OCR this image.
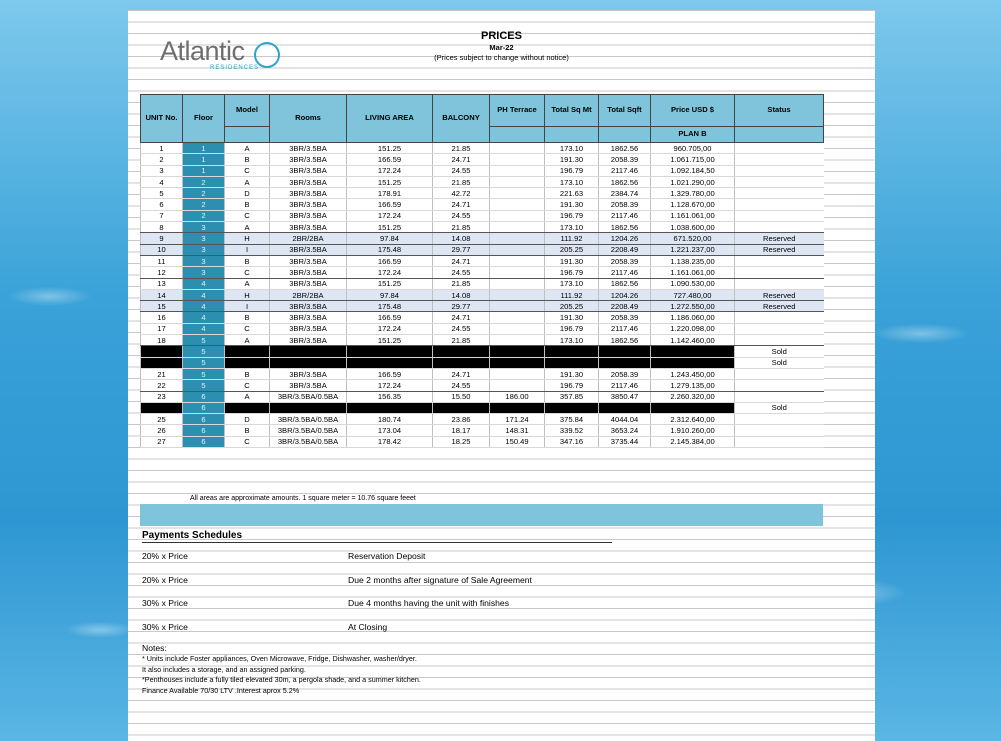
Atlantic
RESIDENCES
PRICES
Mar-22
(Prices subject to change without notice)
UNIT No.	Floor	Model	Rooms	LIVING AREA	BALCONY	PH Terrace	Total Sq Mt	Total Sqft	Price USD $	Status
									PLAN B	
1	1	A	3BR/3.5BA	151.25	21.85		173.10	1862.56	960.705,00	
2	1	B	3BR/3.5BA	166.59	24.71		191.30	2058.39	1.061.715,00	
3	1	C	3BR/3.5BA	172.24	24.55		196.79	2117.46	1.092.184,50	
4	2	A	3BR/3.5BA	151.25	21.85		173.10	1862.56	1.021.290,00	
5	2	D	3BR/3.5BA	178.91	42.72		221.63	2384.74	1.329.780,00	
6	2	B	3BR/3.5BA	166.59	24.71		191.30	2058.39	1.128.670,00	
7	2	C	3BR/3.5BA	172.24	24.55		196.79	2117.46	1.161.061,00	
8	3	A	3BR/3.5BA	151.25	21.85		173.10	1862.56	1.038.600,00	
9	3	H	2BR/2BA	97.84	14.08		111.92	1204.26	671.520,00	Reserved
10	3	I	3BR/3.5BA	175.48	29.77		205.25	2208.49	1.221.237,00	Reserved
11	3	B	3BR/3.5BA	166.59	24.71		191.30	2058.39	1.138.235,00	
12	3	C	3BR/3.5BA	172.24	24.55		196.79	2117.46	1.161.061,00	
13	4	A	3BR/3.5BA	151.25	21.85		173.10	1862.56	1.090.530,00	
14	4	H	2BR/2BA	97.84	14.08		111.92	1204.26	727.480,00	Reserved
15	4	I	3BR/3.5BA	175.48	29.77		205.25	2208.49	1.272.550,00	Reserved
16	4	B	3BR/3.5BA	166.59	24.71		191.30	2058.39	1.186.060,00	
17	4	C	3BR/3.5BA	172.24	24.55		196.79	2117.46	1.220.098,00	
18	5	A	3BR/3.5BA	151.25	21.85		173.10	1862.56	1.142.460,00	
	5									Sold
	5									Sold
21	5	B	3BR/3.5BA	166.59	24.71		191.30	2058.39	1.243.450,00	
22	5	C	3BR/3.5BA	172.24	24.55		196.79	2117.46	1.279.135,00	
23	6	A	3BR/3.5BA/0.5BA	156.35	15.50	186.00	357.85	3850.47	2.260.320,00	
	6									Sold
25	6	D	3BR/3.5BA/0.5BA	180.74	23.86	171.24	375.84	4044.04	2.312.640,00	
26	6	B	3BR/3.5BA/0.5BA	173.04	18.17	148.31	339.52	3653.24	1.910.260,00	
27	6	C	3BR/3.5BA/0.5BA	178.42	18.25	150.49	347.16	3735.44	2.145.384,00	
All areas are approximate amounts. 1 square meter = 10.76 square feeet
Payments Schedules
20% x Price	Reservation Deposit
20% x Price	Due 2 months after signature of Sale Agreement
30% x Price	Due 4 months having the unit with finishes
30% x Price	At Closing
Notes:
* Units include Foster appliances, Oven Microwave, Fridge, Dishwasher, washer/dryer.
It also includes a storage, and an assigned parking.
*Penthouses include a fully tiled elevated 30m, a pergola shade, and a summer kitchen.
Finance Available 70/30 LTV .Interest aprox 5.2%
